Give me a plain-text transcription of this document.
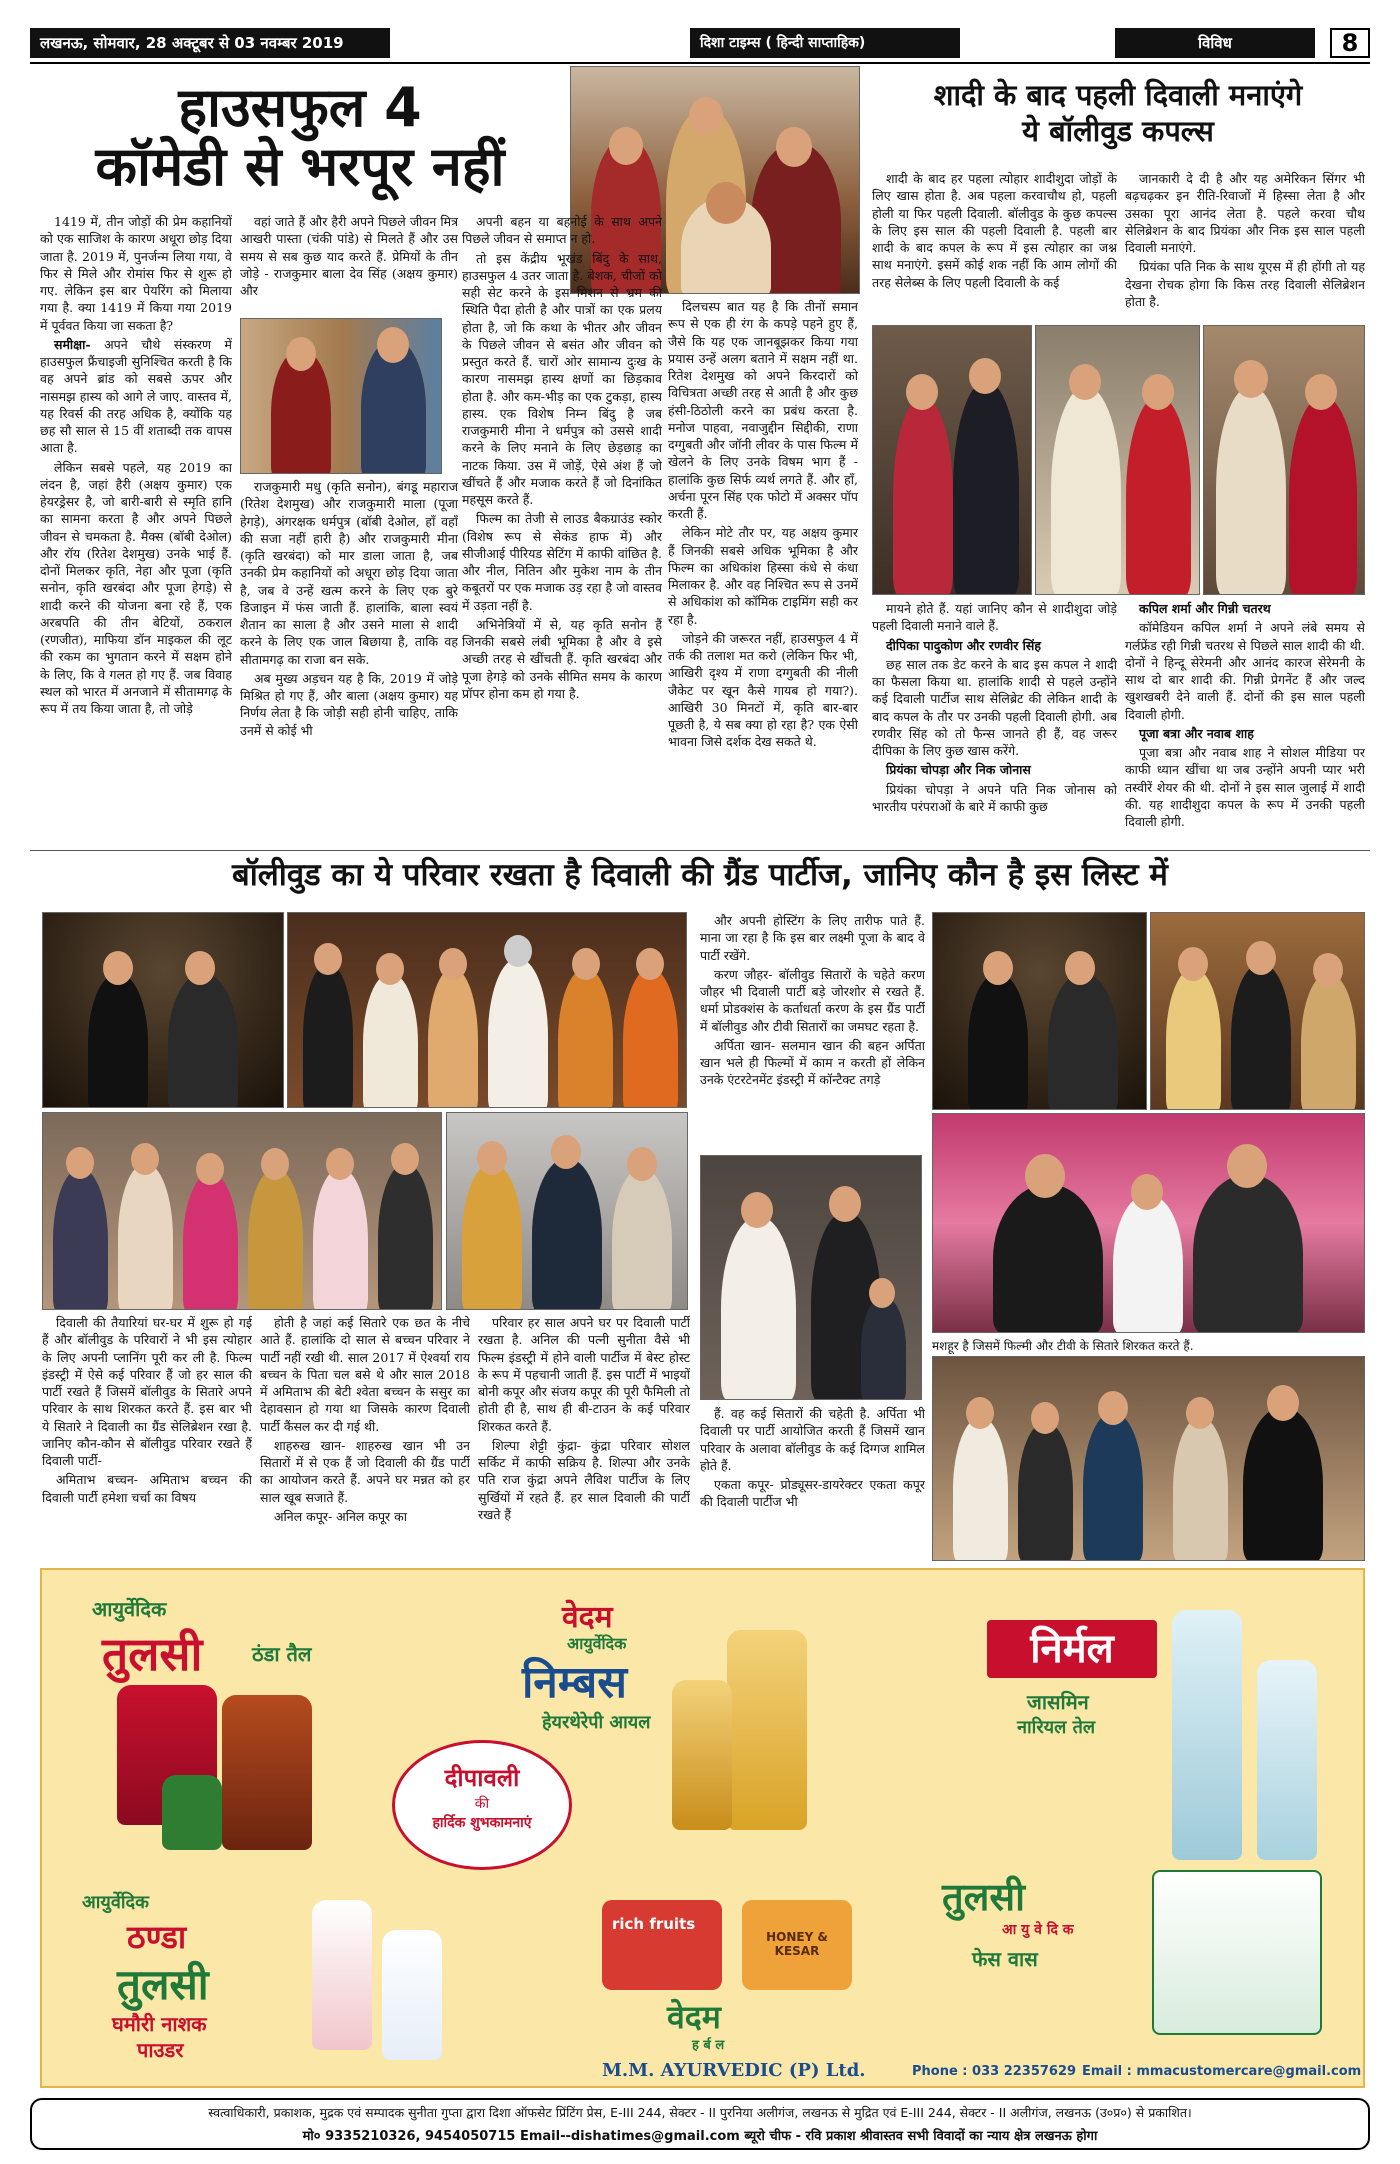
लखनऊ, सोमवार, 28 अक्टूबर से 03 नवम्बर 2019	दिशा टाइम्स ( हिन्दी साप्ताहिक)	विविध	8
हाउसफुल 4
कॉमेडी से भरपूर नहीं

1419 में, तीन जोड़ों की प्रेम कहानियों को एक साजिश के कारण अधूरा छोड़ दिया जाता है. 2019 में, पुनर्जन्म लिया गया, वे फिर से मिले और रोमांस फिर से शुरू हो गए. लेकिन इस बार पेयरिंग को मिलाया गया है. क्या 1419 में किया गया 2019 में पूर्ववत किया जा सकता है?

समीक्षा- अपने चौथे संस्करण में हाउसफुल फ्रैंचाइजी सुनिश्चित करती है कि वह अपने ब्रांड को सबसे ऊपर और नासमझ हास्य को आगे ले जाए. वास्तव में, यह रिवर्स की तरह अधिक है, क्योंकि यह छह सौ साल से 15 वीं शताब्दी तक वापस आता है.

लेकिन सबसे पहले, यह 2019 का लंदन है, जहां हैरी (अक्षय कुमार) एक हेयरड्रेसर है, जो बारी-बारी से स्मृति हानि का सामना करता है और अपने पिछले जीवन से चमकता है. मैक्स (बॉबी देओल) और रॉय (रितेश देशमुख) उनके भाई हैं. दोनों मिलकर कृति, नेहा और पूजा (कृति सनोन, कृति खरबंदा और पूजा हेगड़े) से शादी करने की योजना बना रहे हैं, एक अरबपति की तीन बेटियों, ठकराल (रणजीत), माफिया डॉन माइकल की लूट की रकम का भुगतान करने में सक्षम होने के लिए, कि वे गलत हो गए हैं. जब विवाह स्थल को भारत में अनजाने में सीतामगढ़ के रूप में तय किया जाता है, तो जोड़े

वहां जाते हैं और हैरी अपने पिछले जीवन मित्र आखरी पास्ता (चंकी पांडे) से मिलते हैं और उस समय से सब कुछ याद करते हैं. प्रेमियों के तीन जोड़े - राजकुमार बाला देव सिंह (अक्षय कुमार) और

राजकुमारी मधु (कृति सनोन), बंगडू महाराज (रितेश देशमुख) और राजकुमारी माला (पूजा हेगड़े), अंगरक्षक धर्मपुत्र (बॉबी देओल, हाँ वहाँ की सजा नहीं हारी है) और राजकुमारी मीना (कृति खरबंदा) को मार डाला जाता है, जब उनकी प्रेम कहानियों को अधूरा छोड़ दिया जाता है, जब वे उन्हें खत्म करने के लिए एक बुरे डिजाइन में फंस जाती हैं. हालांकि, बाला स्वयं शैतान का साला है और उसने माला से शादी करने के लिए एक जाल बिछाया है, ताकि वह सीतामगढ़ का राजा बन सके.

अब मुख्य अड़चन यह है कि, 2019 में जोड़े मिश्रित हो गए हैं, और बाला (अक्षय कुमार) यह निर्णय लेता है कि जोड़ी सही होनी चाहिए, ताकि उनमें से कोई भी

अपनी बहन या बहनोई के साथ अपने पिछले जीवन से समाप्त न हो.

तो इस केंद्रीय भूखंड बिंदु के साथ, हाउसफुल 4 उतर जाता है. बेशक, चीजों को सही सेट करने के इस मिशन से भ्रम की स्थिति पैदा होती है और पात्रों का एक प्रलय होता है, जो कि कथा के भीतर और जीवन के पिछले जीवन से बसंत और जीवन को प्रस्तुत करते हैं. चारों ओर सामान्य दुःख के कारण नासमझ हास्य क्षणों का छिड़काव होता है. और कम-भीड़ का एक टुकड़ा, हास्य हास्य. एक विशेष निम्न बिंदु है जब राजकुमारी मीना ने धर्मपुत्र को उससे शादी करने के लिए मनाने के लिए छेड़छाड़ का नाटक किया. उस में जोड़ें, ऐसे अंश हैं जो खींचते हैं और मजाक करते हैं जो दिनांकित महसूस करते हैं.

फिल्म का तेजी से लाउड बैकग्राउंड स्कोर (विशेष रूप से सेकंड हाफ में) और सीजीआई पीरियड सेटिंग में काफी वांछित है. और नील, नितिन और मुकेश नाम के तीन कबूतरों पर एक मजाक उड़ रहा है जो वास्तव में उड़ता नहीं है.

अभिनेत्रियों में से, यह कृति सनोन हैं जिनकी सबसे लंबी भूमिका है और वे इसे अच्छी तरह से खींचती हैं. कृति खरबंदा और पूजा हेगड़े को उनके सीमित समय के कारण प्रॉपर होना कम हो गया है.

दिलचस्प बात यह है कि तीनों समान रूप से एक ही रंग के कपड़े पहने हुए हैं, जैसे कि यह एक जानबूझकर किया गया प्रयास उन्हें अलग बताने में सक्षम नहीं था. रितेश देशमुख को अपने किरदारों को विचित्रता अच्छी तरह से आती है और कुछ हंसी-ठिठोली करने का प्रबंध करता है. मनोज पाहवा, नवाजुद्दीन सिद्दीकी, राणा दग्गुबती और जॉनी लीवर के पास फिल्म में खेलने के लिए उनके विषम भाग हैं - हालांकि कुछ सिर्फ व्यर्थ लगते हैं. और हाँ, अर्चना पूरन सिंह एक फोटो में अक्सर पॉप करती हैं.

लेकिन मोटे तौर पर, यह अक्षय कुमार हैं जिनकी सबसे अधिक भूमिका है और फिल्म का अधिकांश हिस्सा कंधे से कंधा मिलाकर है. और वह निश्चित रूप से उनमें से अधिकांश को कॉमिक टाइमिंग सही कर रहा है.

जोड़ने की जरूरत नहीं, हाउसफुल 4 में तर्क की तलाश मत करो (लेकिन फिर भी, आखिरी दृश्य में राणा दग्गुबती की नीली जैकेट पर खून कैसे गायब हो गया?). आखिरी 30 मिनटों में, कृति बार-बार पूछती है, ये सब क्या हो रहा है? एक ऐसी भावना जिसे दर्शक देख सकते थे.

शादी के बाद पहली दिवाली मनाएंगे
ये बॉलीवुड कपल्स

शादी के बाद हर पहला त्योहार शादीशुदा जोड़ों के लिए खास होता है. अब पहला करवाचौथ हो, पहली होली या फिर पहली दिवाली. बॉलीवुड के कुछ कपल्स के लिए इस साल की पहली दिवाली है. पहली बार शादी के बाद कपल के रूप में इस त्योहार का जश्न साथ मनाएंगे. इसमें कोई शक नहीं कि आम लोगों की तरह सेलेब्स के लिए पहली दिवाली के कई

जानकारी दे दी है और यह अमेरिकन सिंगर भी बढ़चढ़कर इन रीति-रिवाजों में हिस्सा लेता है और उसका पूरा आनंद लेता है. पहले करवा चौथ सेलिब्रेशन के बाद प्रियंका और निक इस साल पहली दिवाली मनाएंगे.

प्रियंका पति निक के साथ यूएस में ही होंगी तो यह देखना रोचक होगा कि किस तरह दिवाली सेलिब्रेशन होता है.

मायने होते हैं. यहां जानिए कौन से शादीशुदा जोड़े पहली दिवाली मनाने वाले हैं.

दीपिका पादुकोण और रणवीर सिंह

छह साल तक डेट करने के बाद इस कपल ने शादी का फैसला किया था. हालांकि शादी से पहले उन्होंने कई दिवाली पार्टीज साथ सेलिब्रेट की लेकिन शादी के बाद कपल के तौर पर उनकी पहली दिवाली होगी. अब रणवीर सिंह को तो फैन्स जानते ही हैं, वह जरूर दीपिका के लिए कुछ खास करेंगे.

प्रियंका चोपड़ा और निक जोनास

प्रियंका चोपड़ा ने अपने पति निक जोनास को भारतीय परंपराओं के बारे में काफी कुछ

कपिल शर्मा और गिन्नी चतरथ

कॉमेडियन कपिल शर्मा ने अपने लंबे समय से गर्लफ्रेंड रही गिन्नी चतरथ से पिछले साल शादी की थी. दोनों ने हिन्दू सेरेमनी और आनंद कारज सेरेमनी के साथ दो बार शादी की. गिन्नी प्रेगनेंट हैं और जल्द खुशखबरी देने वाली हैं. दोनों की इस साल पहली दिवाली होगी.

पूजा बत्रा और नवाब शाह

पूजा बत्रा और नवाब शाह ने सोशल मीडिया पर काफी ध्यान खींचा था जब उन्होंने अपनी प्यार भरी तस्वीरें शेयर की थी. दोनों ने इस साल जुलाई में शादी की. यह शादीशुदा कपल के रूप में उनकी पहली दिवाली होगी.

बॉलीवुड का ये परिवार रखता है दिवाली की ग्रैंड पार्टीज, जानिए कौन है इस लिस्ट में

दिवाली की तैयारियां घर-घर में शुरू हो गई हैं और बॉलीवुड के परिवारों ने भी इस त्योहार के लिए अपनी प्लानिंग पूरी कर ली है. फिल्म इंडस्ट्री में ऐसे कई परिवार हैं जो हर साल की पार्टी रखते हैं जिसमें बॉलीवुड के सितारे अपने परिवार के साथ शिरकत करते हैं. इस बार भी ये सितारे ने दिवाली का ग्रैंड सेलिब्रेशन रखा है. जानिए कौन-कौन से बॉलीवुड परिवार रखते हैं दिवाली पार्टी-

अमिताभ बच्चन- अमिताभ बच्चन की दिवाली पार्टी हमेशा चर्चा का विषय

होती है जहां कई सितारे एक छत के नीचे आते हैं. हालांकि दो साल से बच्चन परिवार ने पार्टी नहीं रखी थी. साल 2017 में ऐश्वर्या राय बच्चन के पिता चल बसे थे और साल 2018 में अमिताभ की बेटी श्वेता बच्चन के ससुर का देहावसान हो गया था जिसके कारण दिवाली पार्टी कैंसल कर दी गई थी.

शाहरुख खान- शाहरुख खान भी उन सितारों में से एक हैं जो दिवाली की ग्रैंड पार्टी का आयोजन करते हैं. अपने घर मन्नत को हर साल खूब सजाते हैं.

अनिल कपूर- अनिल कपूर का

परिवार हर साल अपने घर पर दिवाली पार्टी रखता है. अनिल की पत्नी सुनीता वैसे भी फिल्म इंडस्ट्री में होने वाली पार्टीज में बेस्ट होस्ट के रूप में पहचानी जाती हैं. इस पार्टी में भाइयों बोनी कपूर और संजय कपूर की पूरी फैमिली तो होती ही है, साथ ही बी-टाउन के कई परिवार शिरकत करते हैं.

शिल्पा शेट्टी कुंद्रा- कुंद्रा परिवार सोशल सर्किट में काफी सक्रिय है. शिल्पा और उनके पति राज कुंद्रा अपने लैविश पार्टीज के लिए सुर्खियों में रहते हैं. हर साल दिवाली की पार्टी रखते हैं

और अपनी होस्टिंग के लिए तारीफ पाते हैं. माना जा रहा है कि इस बार लक्ष्मी पूजा के बाद वे पार्टी रखेंगे.

करण जौहर- बॉलीवुड सितारों के चहेते करण जौहर भी दिवाली पार्टी बड़े जोरशोर से रखते हैं. धर्मा प्रोडक्शंस के कर्ताधर्ता करण के इस ग्रैंड पार्टी में बॉलीवुड और टीवी सितारों का जमघट रहता है.

अर्पिता खान- सलमान खान की बहन अर्पिता खान भले ही फिल्मों में काम न करती हों लेकिन उनके एंटरटेनमेंट इंडस्ट्री में कॉन्टैक्ट तगड़े

हैं. वह कई सितारों की चहेती है. अर्पिता भी दिवाली पर पार्टी आयोजित करती हैं जिसमें खान परिवार के अलावा बॉलीवुड के कई दिग्गज शामिल होते हैं.

एकता कपूर- प्रोड्यूसर-डायरेक्टर एकता कपूर की दिवाली पार्टीज भी

मशहूर है जिसमें फिल्मी और टीवी के सितारे शिरकत करते हैं.
आयुर्वेदिक
तुलसी ठंडा तैल
वेदम
आयुर्वेदिक
निम्बस
हेयरथेरेपी आयल
दीपावली
की
हार्दिक शुभकामनाएं
निर्मल
जासमिन
नारियल तेल
आयुर्वेदिक
ठण्डा
तुलसी
घमौरी नाशक
पाउडर
rich fruits
HONEY & KESAR
वेदम
ह र्ब ल
तुलसी
आ यु वे दि क
फेस वास
M.M. AYURVEDIC (P) Ltd.	Phone : 033 22357629 Email : mmacustomercare@gmail.com
स्वत्वाधिकारी, प्रकाशक, मुद्रक एवं सम्पादक सुनीता गुप्ता द्वारा दिशा ऑफसेट प्रिंटिंग प्रेस, E-III 244, सेक्टर - II पुरनिया अलीगंज, लखनऊ से मुद्रित एवं E-III 244, सेक्टर - II अलीगंज, लखनऊ (उ०प्र०) से प्रकाशित।
मो० 9335210326, 9454050715 Email--dishatimes@gmail.com ब्यूरो चीफ - रवि प्रकाश श्रीवास्तव सभी विवादों का न्याय क्षेत्र लखनऊ होगा
